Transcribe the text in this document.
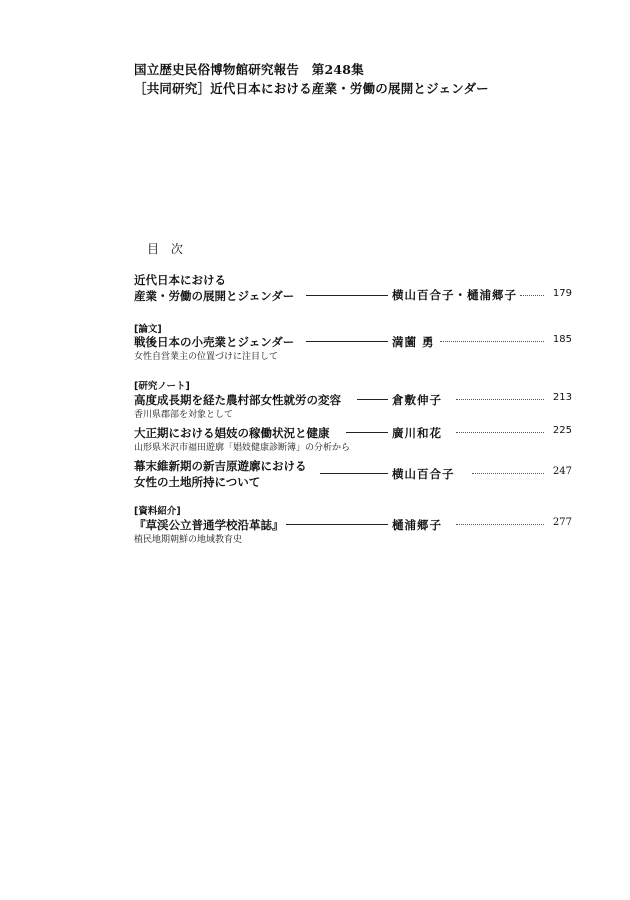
国立歴史民俗博物館研究報告　第248集
［共同研究］近代日本における産業・労働の展開とジェンダー
目 次
近代日本における
産業・労働の展開とジェンダー	横山百合子・樋浦郷子	179
[論文]
戦後日本の小売業とジェンダー
女性自営業主の位置づけに注目して
満薗 勇	185
[研究ノート]
高度成長期を経た農村部女性就労の変容
香川県郡部を対象として
倉敷伸子	213
大正期における娼妓の稼働状況と健康
山形県米沢市福田遊廓「娼妓健康診断簿」の分析から
廣川和花	225
幕末維新期の新吉原遊廓における
女性の土地所持について
横山百合子	247
[資料紹介]
『草渓公立普通学校沿革誌』
植民地期朝鮮の地域教育史
樋浦郷子	277
